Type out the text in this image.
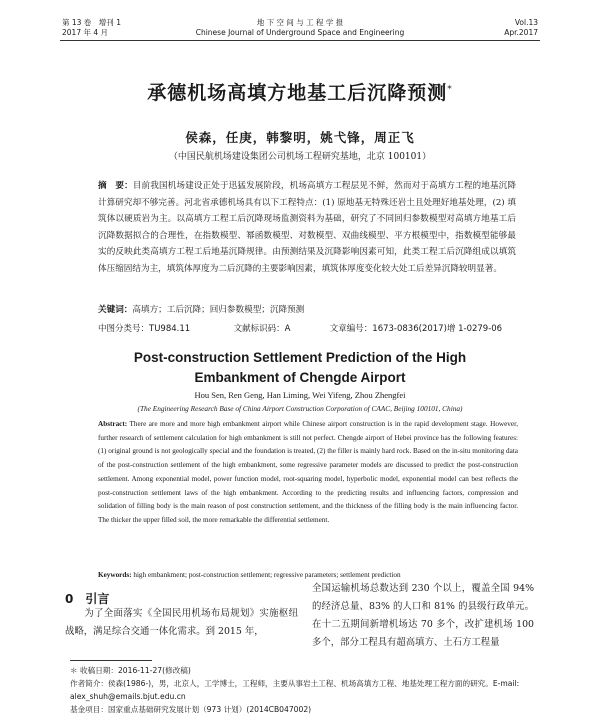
第 13 卷　增刊 1
2017 年 4 月
地 下 空 间 与 工 程 学 报
Chinese Journal of Underground Space and Engineering
Vol.13
Apr.2017
承德机场高填方地基工后沉降预测*
侯森，任庚，韩黎明，姚弋锋，周正飞
（中国民航机场建设集团公司机场工程研究基地，北京 100101）
摘　要：目前我国机场建设正处于迅猛发展阶段，机场高填方工程层见不鲜，然而对于高填方工程的地基沉降计算研究却不够完善。河北省承德机场具有以下工程特点：(1) 原地基无特殊还岩土且处理好地基处理，(2) 填筑体以硬质岩为主。以高填方工程工后沉降现场监测资料为基础，研究了不同回归参数模型对高填方地基工后沉降数据拟合的合理性，在指数模型、幂函数模型、对数模型、双曲线模型、平方根模型中，指数模型能够最实的反映此类高填方工程工后地基沉降规律。由预测结果及沉降影响因素可知，此类工程工后沉降组成以填筑体压缩固结为主，填筑体厚度为二后沉降的主要影响因素，填筑体厚度变化较大处工后差异沉降较明显著。
关键词：高填方；工后沉降；回归参数模型；沉降预测
中图分类号：TU984.11	文献标识码：A	文章编号：1673-0836(2017)增 1-0279-06
Post-construction Settlement Prediction of the High
Embankment of Chengde Airport
Hou Sen, Ren Geng, Han Liming, Wei Yifeng, Zhou Zhengfei
(The Engineering Research Base of China Airport Construction Corporation of CAAC, Beijing 100101, China)
Abstract: There are more and more high embankment airport while Chinese airport construction is in the rapid development stage. However, further research of settlement calculation for high embankment is still not perfect. Chengde airport of Hebei province has the following features: (1) original ground is not geologically special and the foundation is treated, (2) the filler is mainly hard rock. Based on the in-situ monitoring data of the post-construction settlement of the high embankment, some regressive parameter models are discussed to predict the post-construction settlement. Among exponential model, power function model, root-squaring model, hyperbolic model, exponential model can best reflects the post-construction settlement laws of the high embankment. According to the predicting results and influencing factors, compression and solidation of filling body is the main reason of post construction settlement, and the thickness of the filling body is the main influencing factor. The thicker the upper filled soil, the more remarkable the differential settlement.
Keywords: high embankment; post-construction settlement; regressive parameters; settlement prediction
0　引言
为了全面落实《全国民用机场布局规划》实施枢纽战略，满足综合交通一体化需求。到 2015 年，
全国运输机场总数达到 230 个以上，覆盖全国 94% 的经济总量、83% 的人口和 81% 的县级行政单元。在十二五期间新增机场达 70 多个，改扩建机场 100 多个，部分工程具有超高填方、土石方工程量
＊ 收稿日期：2016-11-27(修改稿)
作者简介：侯森(1986-)，男，北京人，工学博士，工程师，主要从事岩土工程、机场高填方工程、地基处理工程方面的研究。E-mail: alex_shuh@emails.bjut.edu.cn
基金项目：国家重点基础研究发展计划（973 计划）(2014CB047002)
